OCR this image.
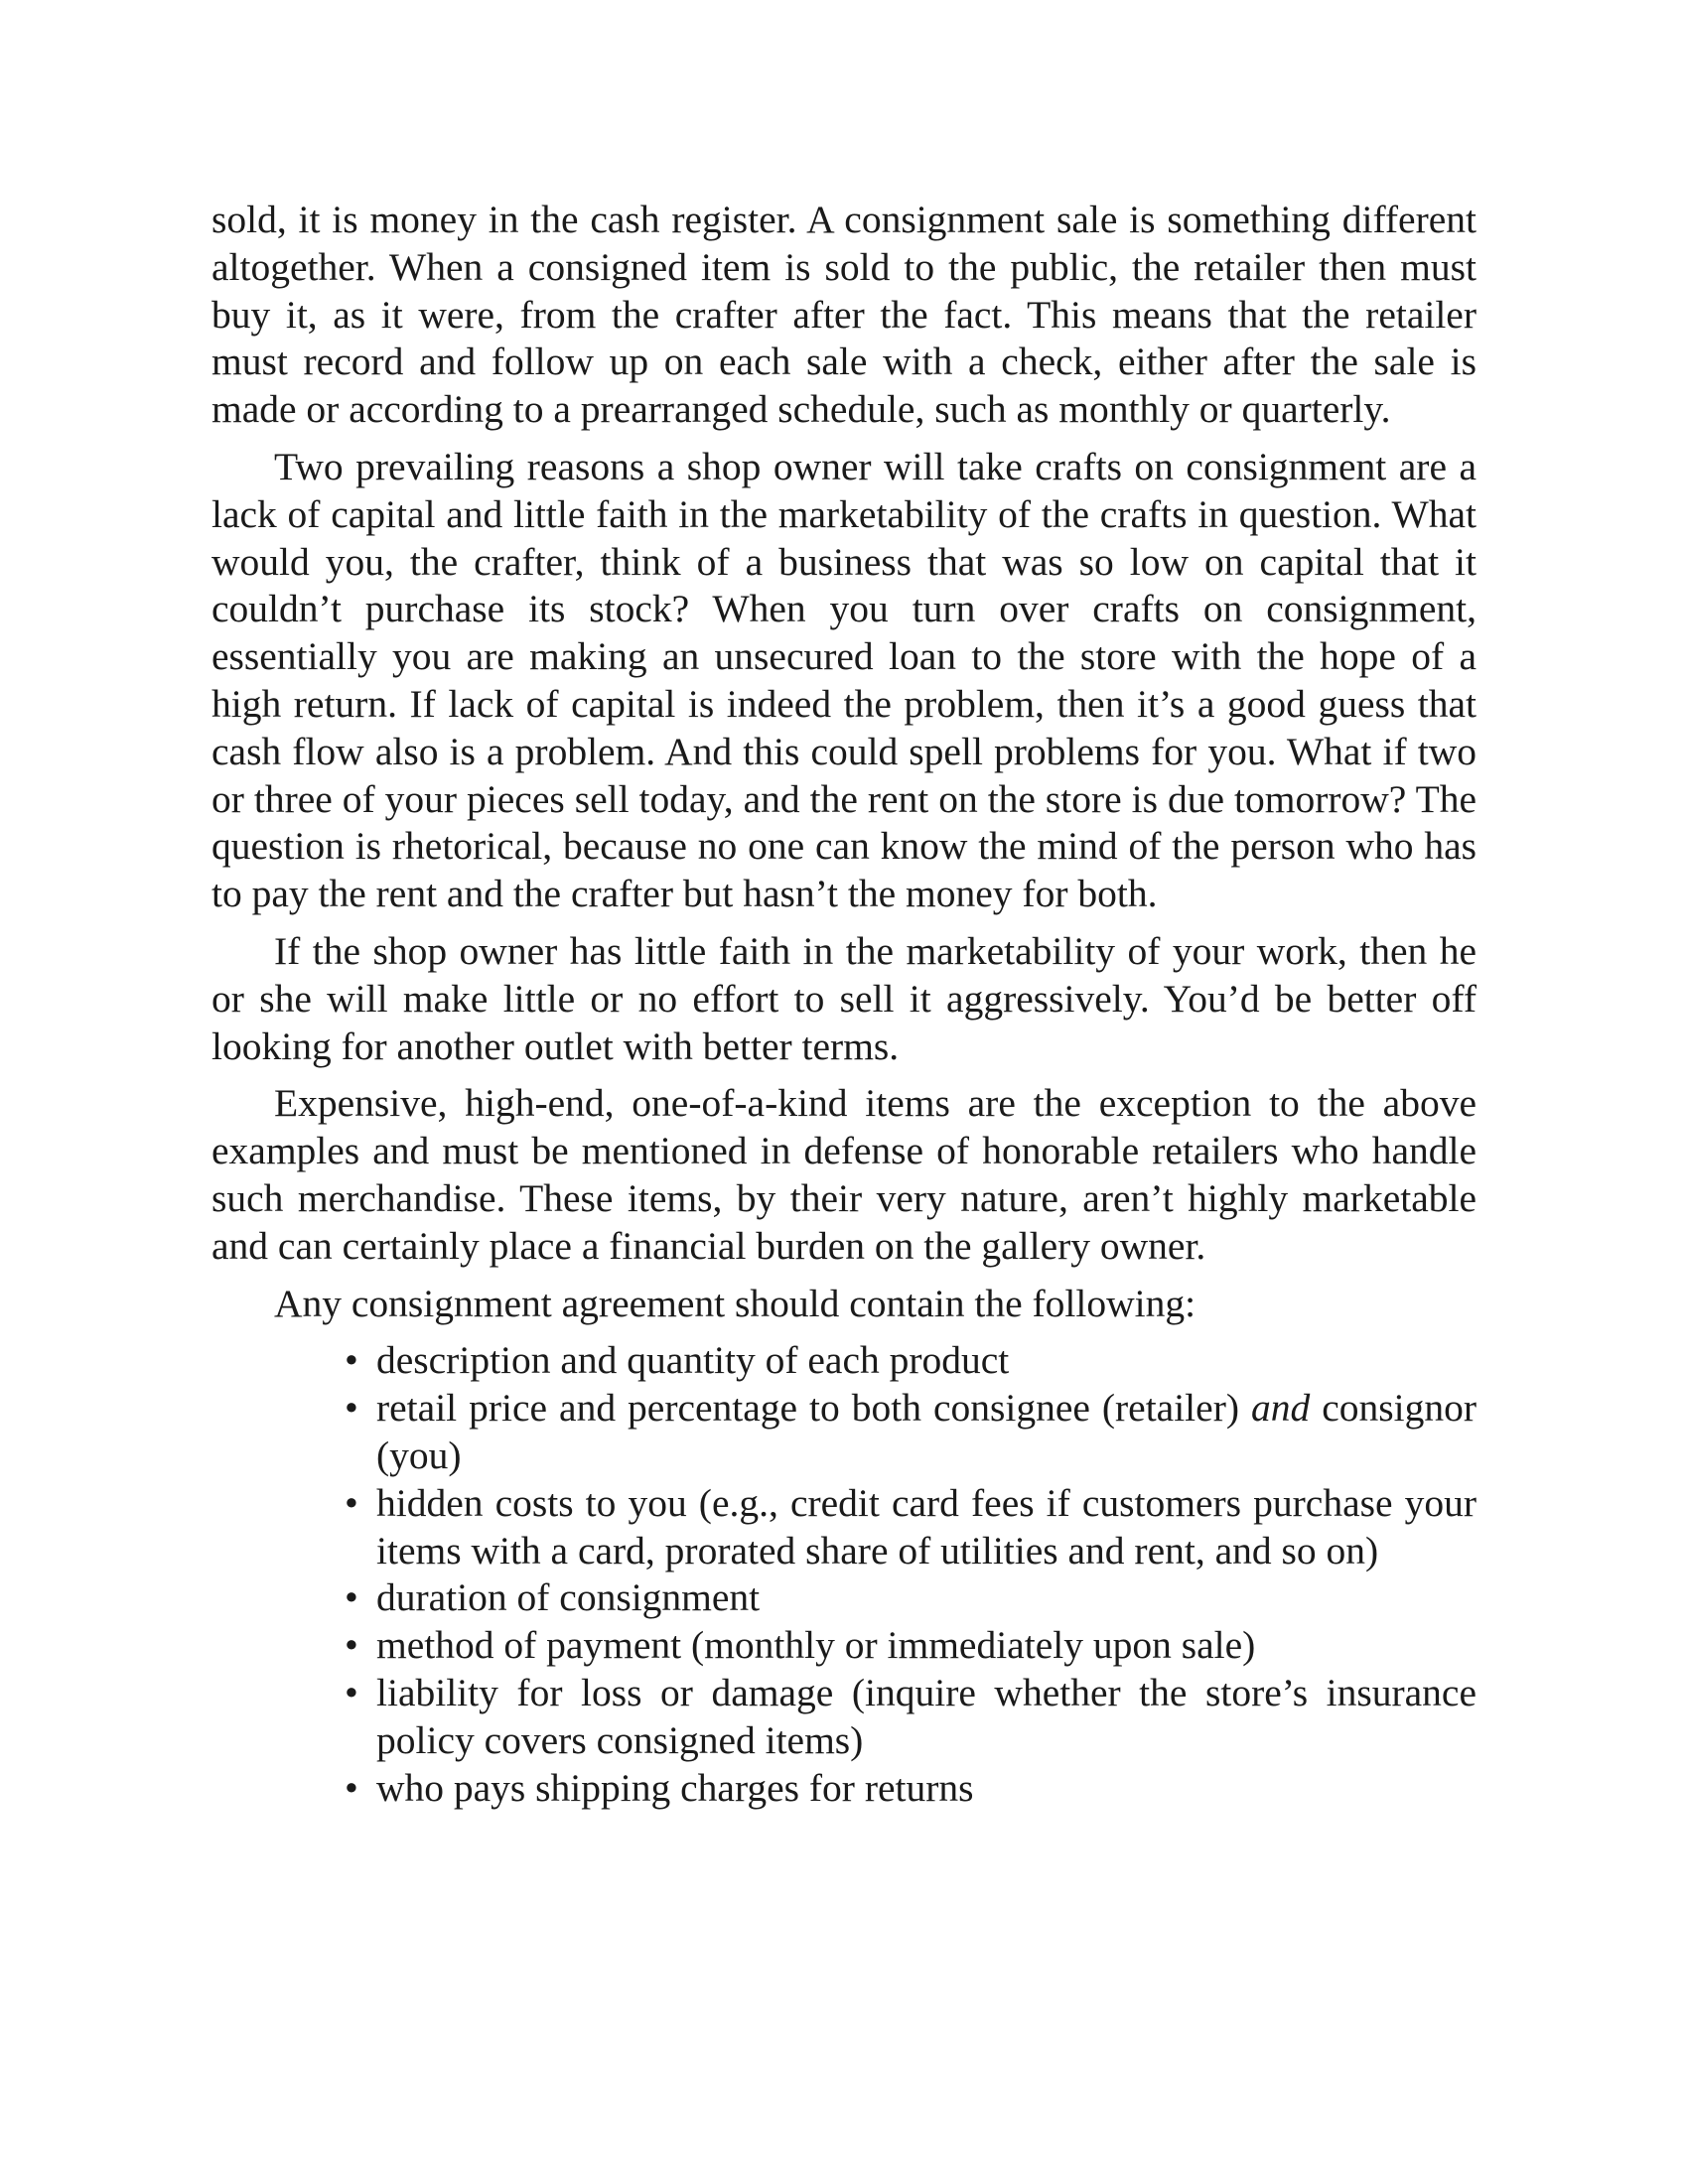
sold, it is money in the cash register. A consignment sale is something different altogether. When a consigned item is sold to the public, the retailer then must buy it, as it were, from the crafter after the fact. This means that the retailer must record and follow up on each sale with a check, either after the sale is made or according to a prearranged schedule, such as monthly or quarterly.

Two prevailing reasons a shop owner will take crafts on consignment are a lack of capital and little faith in the marketability of the crafts in question. What would you, the crafter, think of a business that was so low on capital that it couldn’t purchase its stock? When you turn over crafts on consignment, essentially you are making an unsecured loan to the store with the hope of a high return. If lack of capital is indeed the problem, then it’s a good guess that cash flow also is a problem. And this could spell problems for you. What if two or three of your pieces sell today, and the rent on the store is due tomorrow? The question is rhetorical, because no one can know the mind of the person who has to pay the rent and the crafter but hasn’t the money for both.

If the shop owner has little faith in the marketability of your work, then he or she will make little or no effort to sell it aggressively. You’d be better off looking for another outlet with better terms.

Expensive, high-end, one-of-a-kind items are the exception to the above examples and must be mentioned in defense of honorable retailers who handle such merchandise. These items, by their very nature, aren’t highly marketable and can certainly place a financial burden on the gallery owner.

Any consignment agreement should contain the following:

• description and quantity of each product
• retail price and percentage to both consignee (retailer) and consignor (you)
• hidden costs to you (e.g., credit card fees if customers purchase your items with a card, prorated share of utilities and rent, and so on)
• duration of consignment
• method of payment (monthly or immediately upon sale)
• liability for loss or damage (inquire whether the store’s insurance policy covers consigned items)
• who pays shipping charges for returns
